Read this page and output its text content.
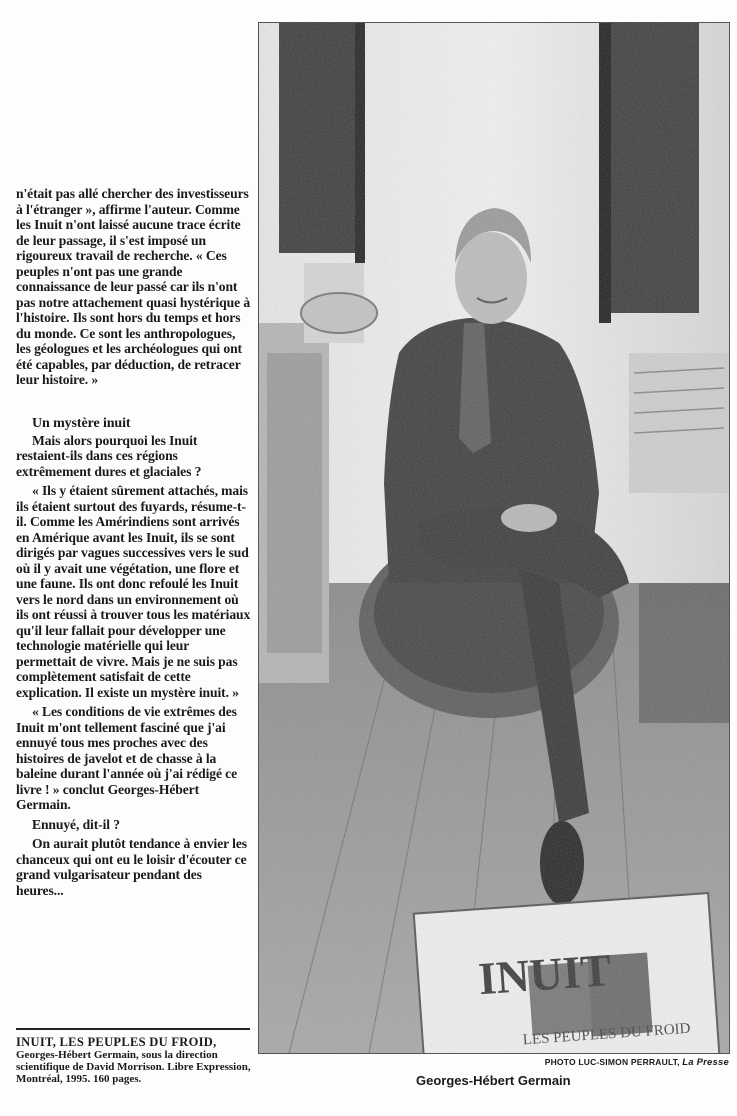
n'était pas allé chercher des investisseurs à l'étranger », affirme l'auteur. Comme les Inuit n'ont laissé aucune trace écrite de leur passage, il s'est imposé un rigoureux travail de recherche. « Ces peuples n'ont pas une grande connaissance de leur passé car ils n'ont pas notre attachement quasi hystérique à l'histoire. Ils sont hors du temps et hors du monde. Ce sont les anthropologues, les géologues et les archéologues qui ont été capables, par déduction, de retracer leur histoire. »

Un mystère inuit

Mais alors pourquoi les Inuit restaient-ils dans ces régions extrêmement dures et glaciales ?

« Ils y étaient sûrement attachés, mais ils étaient surtout des fuyards, résume-t-il. Comme les Amérindiens sont arrivés en Amérique avant les Inuit, ils se sont dirigés par vagues successives vers le sud où il y avait une végétation, une flore et une faune. Ils ont donc refoulé les Inuit vers le nord dans un environnement où ils ont réussi à trouver tous les matériaux qu'il leur fallait pour développer une technologie matérielle qui leur permettait de vivre. Mais je ne suis pas complètement satisfait de cette explication. Il existe un mystère inuit. »

« Les conditions de vie extrêmes des Inuit m'ont tellement fasciné que j'ai ennuyé tous mes proches avec des histoires de javelot et de chasse à la baleine durant l'année où j'ai rédigé ce livre ! » conclut Georges-Hébert Germain.

Ennuyé, dit-il ?

On aurait plutôt tendance à envier les chanceux qui ont eu le loisir d'écouter ce grand vulgarisateur pendant des heures...

INUIT, LES PEUPLES DU FROID, Georges-Hébert Germain, sous la direction scientifique de David Morrison. Libre Expression, Montréal, 1995. 160 pages.
PHOTO LUC-SIMON PERRAULT, La Presse
Georges-Hébert Germain
